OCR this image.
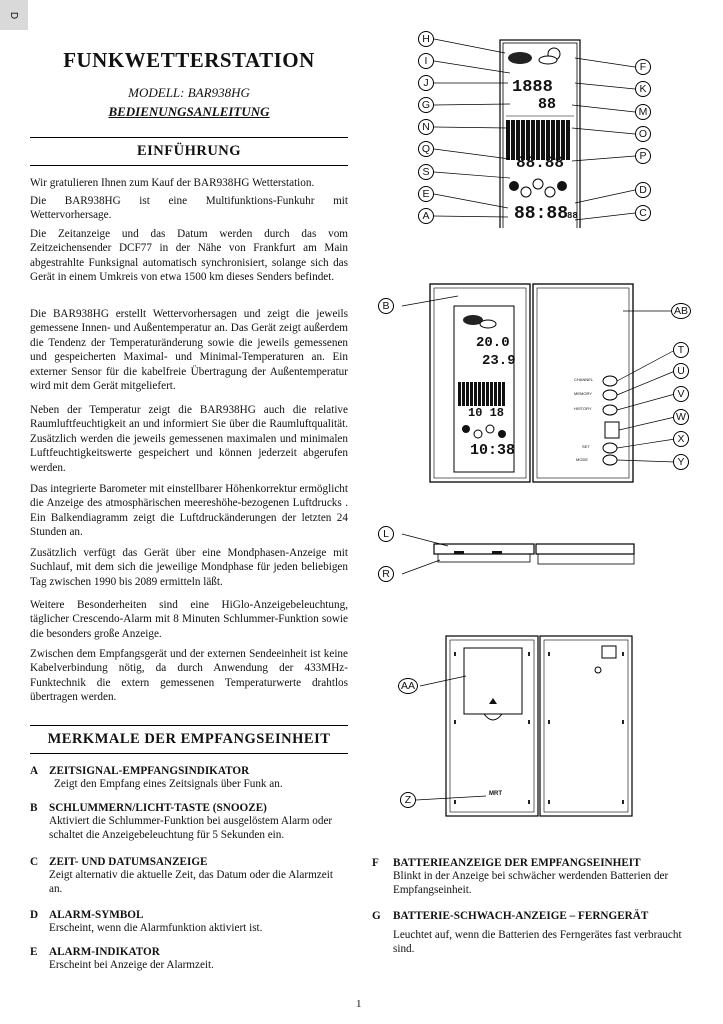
D
FUNKWETTERSTATION
MODELL: BAR938HG
BEDIENUNGSANLEITUNG
EINFÜHRUNG

Wir gratulieren Ihnen zum Kauf der BAR938HG Wetterstation.

Die BAR938HG ist eine Multifunktions-Funkuhr mit Wettervorhersage.

Die Zeitanzeige und das Datum werden durch das vom Zeitzeichensender DCF77 in der Nähe von Frankfurt am Main abgestrahlte Funksignal automatisch synchronisiert, solange sich das Gerät in einem Umkreis von etwa 1500 km dieses Senders befindet.

Die BAR938HG erstellt Wettervorhersagen und zeigt die jeweils gemessene Innen- und Außentemperatur an. Das Gerät zeigt außerdem die Tendenz der Temperaturänderung sowie die jeweils gemessenen und gespeicherten Maximal- und Minimal-Temperaturen an. Ein externer Sensor für die kabelfreie Übertragung der Außentemperatur wird mit dem Gerät mitgeliefert.

Neben der Temperatur zeigt die BAR938HG auch die relative Raumluftfeuchtigkeit an und informiert Sie über die Raumluftqualität. Zusätzlich werden die jeweils gemessenen maximalen und minimalen Luftfeuchtigkeitswerte gespeichert und können jederzeit abgerufen werden.

Das integrierte Barometer mit einstellbarer Höhenkorrektur ermöglicht die Anzeige des atmosphärischen meereshöhe-bezogenen Luftdrucks . Ein Balkendiagramm zeigt die Luftdruckänderungen der letzten 24 Stunden an.

Zusätzlich verfügt das Gerät über eine Mondphasen-Anzeige mit Suchlauf, mit dem sich die jeweilige Mondphase für jeden beliebigen Tag zwischen 1990 bis 2089 ermitteln läßt.

Weitere Besonderheiten sind eine HiGlo-Anzeigebeleuchtung, täglicher Crescendo-Alarm mit 8 Minuten Schlummer-Funktion sowie die besonders große Anzeige.

Zwischen dem Empfangsgerät und der externen Sendeeinheit ist keine Kabelverbindung nötig, da durch Anwendung der 433MHz-Funktechnik die extern gemessenen Temperaturwerte drahtlos übertragen werden.

MERKMALE DER EMPFANGSEINHEIT
A ZEITSIGNAL-EMPFANGSINDIKATOR
Zeigt den Empfang eines Zeitsignals über Funk an.
B	SCHLUMMERN/LICHT-TASTE (SNOOZE)
Aktiviert die Schlummer-Funktion bei ausgelöstem Alarm oder schaltet die Anzeigebeleuchtung für 5 Sekunden ein.
C ZEIT- UND DATUMSANZEIGE
Zeigt alternativ die aktuelle Zeit, das Datum oder die Alarmzeit an.
D ALARM-SYMBOL
Erscheint, wenn die Alarmfunktion aktiviert ist.
E	ALARM-INDIKATOR
Erscheint bei Anzeige der Alarmzeit.
F	BATTERIEANZEIGE DER EMPFANGSEINHEIT
Blinkt in der Anzeige bei schwächer werdenden Batterien der Empfangseinheit.
G	BATTERIE-SCHWACH-ANZEIGE – FERNGERÄT
Leuchtet auf, wenn die Batterien des Ferngerätes fast verbraucht sind.
1888
88
88.88
88:88
88
H
I
J
G
N
Q
S
E
A
F
K
M
O
P
D
C
20.0
23.9
10 18
10:38
CHANNEL
MEMORY
HISTORY
SET
MODE
B	AB
T
U
V
W
X
Y
L
R
MRT
AA
Z
1
